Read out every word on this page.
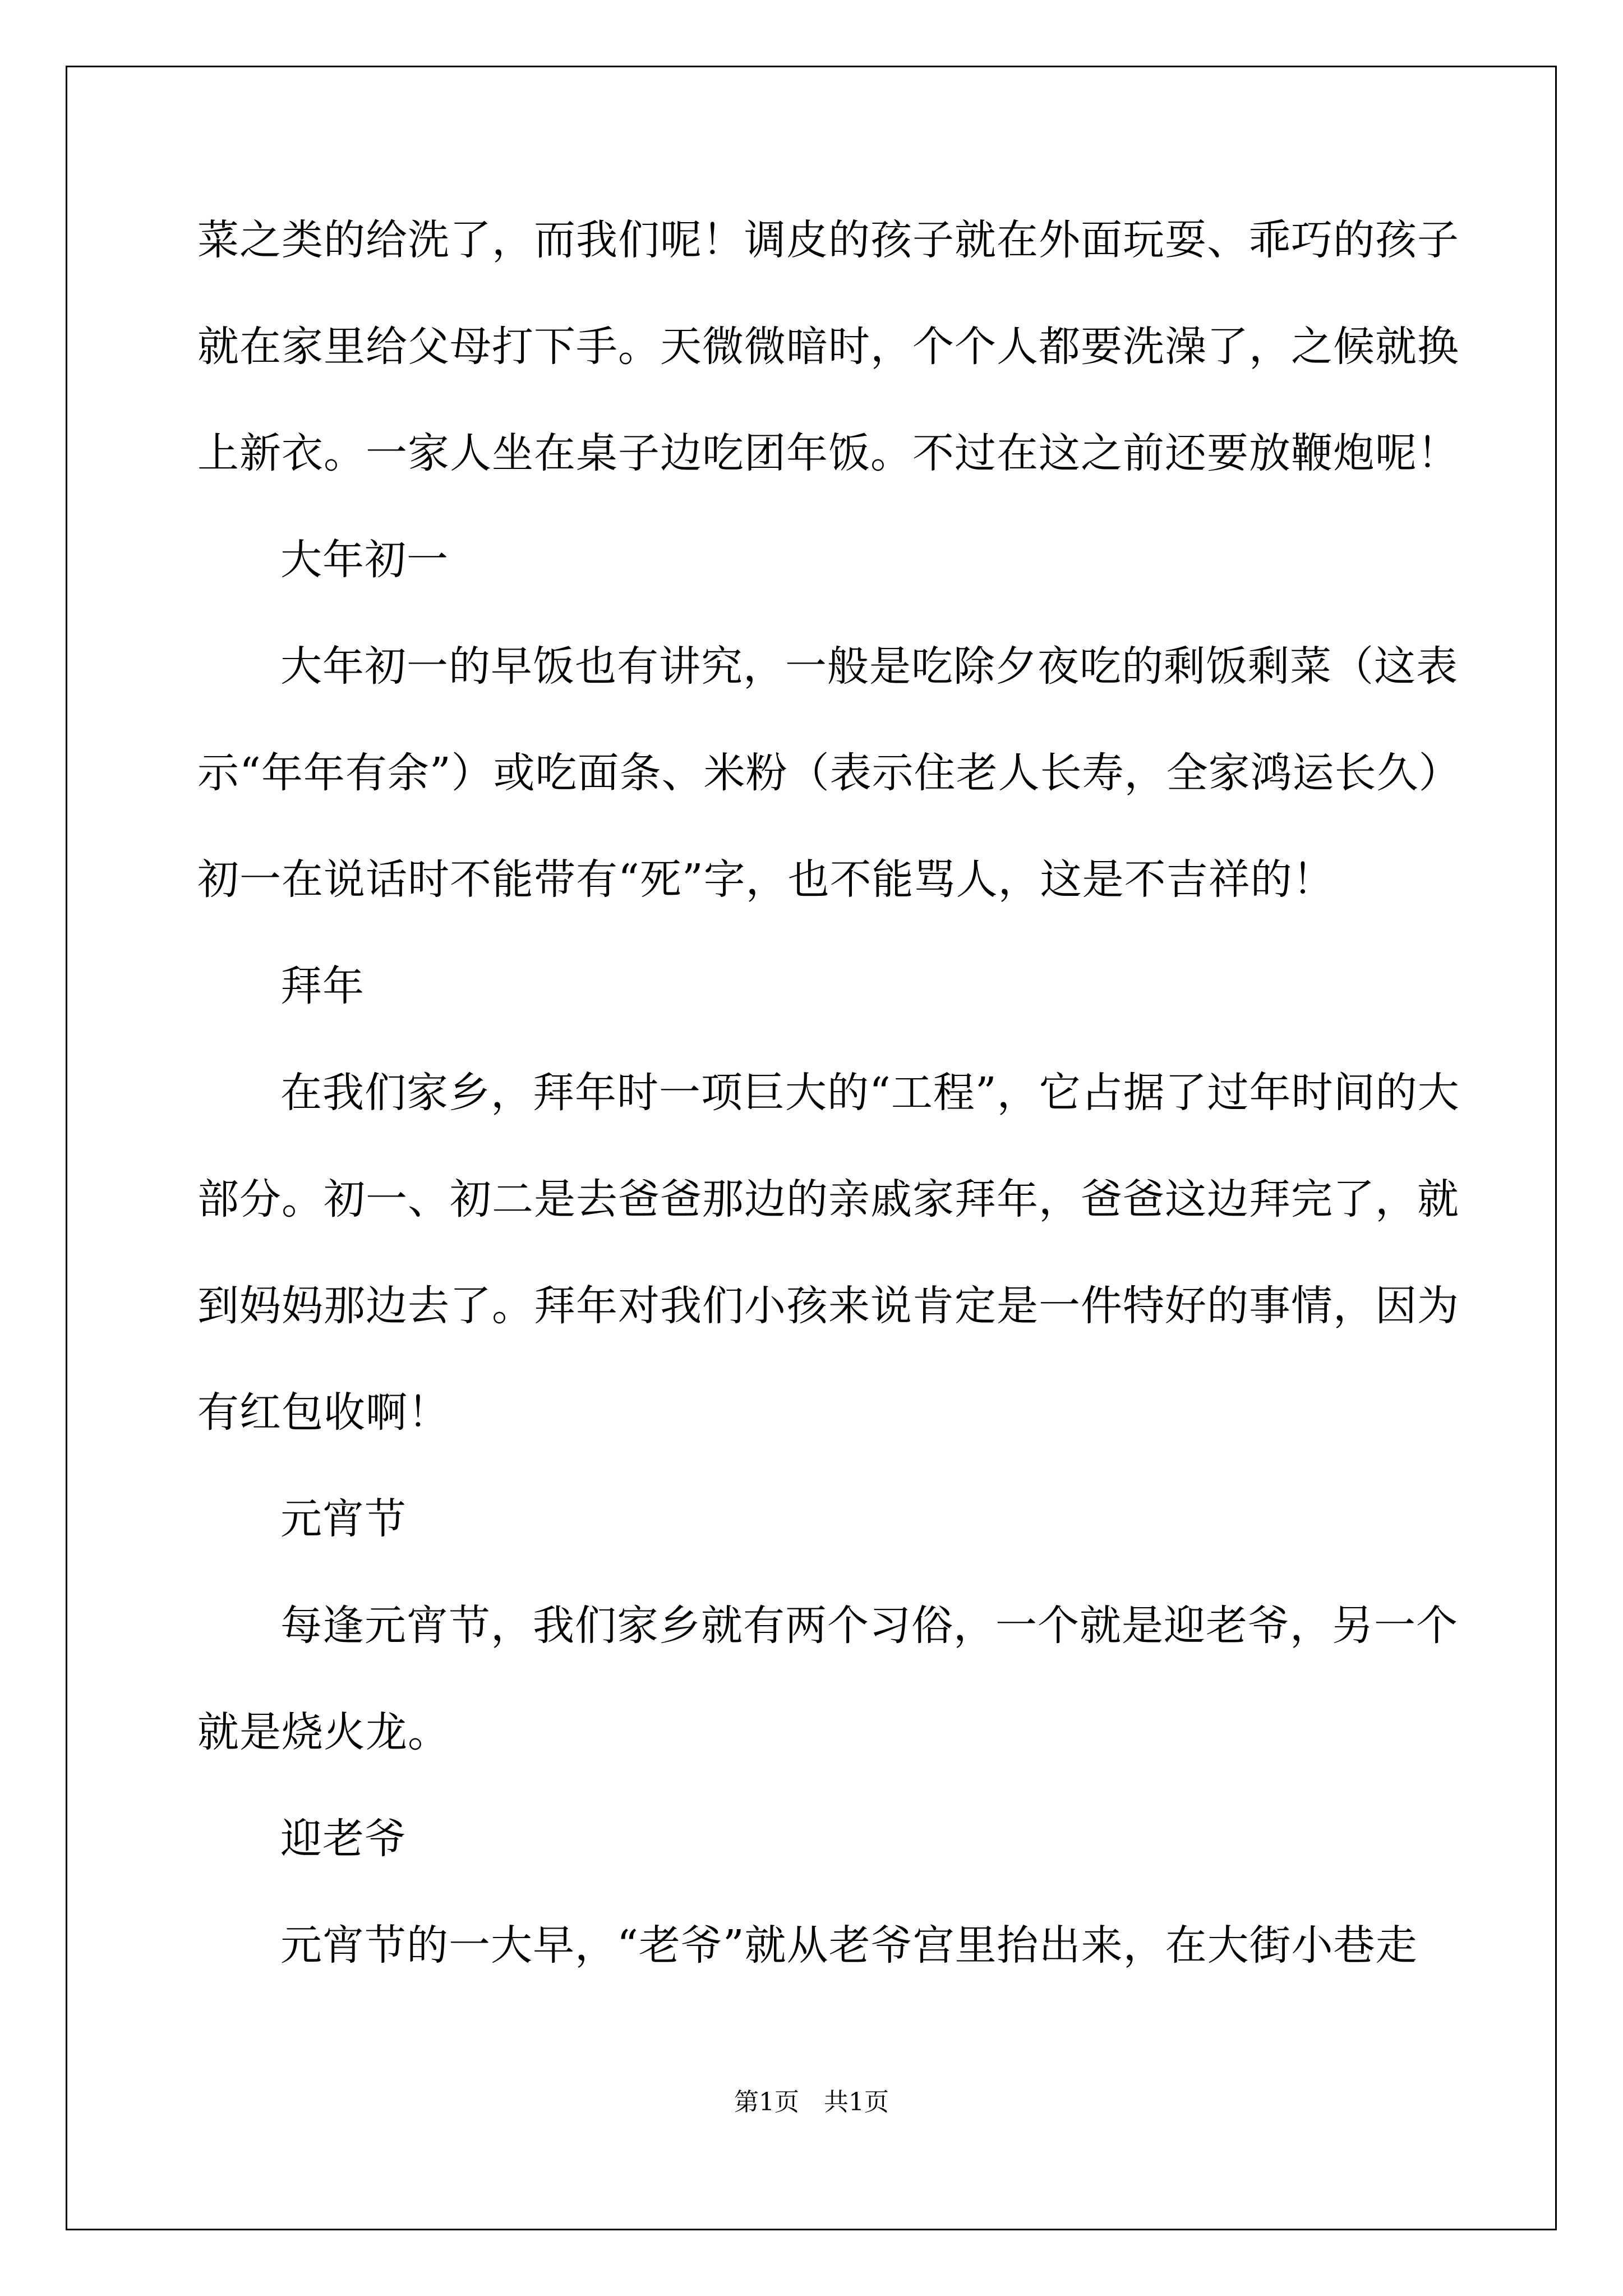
菜之类的给洗了，而我们呢！调皮的孩子就在外面玩耍、乖巧的孩子
就在家里给父母打下手。天微微暗时，个个人都要洗澡了，之候就换
上新衣。一家人坐在桌子边吃团年饭。不过在这之前还要放鞭炮呢！
大年初一
大年初一的早饭也有讲究，一般是吃除夕夜吃的剩饭剩菜（这表
示“年年有余”）或吃面条、米粉（表示住老人长寿，全家鸿运长久）
初一在说话时不能带有“死”字，也不能骂人，这是不吉祥的！
拜年
在我们家乡，拜年时一项巨大的“工程”，它占据了过年时间的大
部分。初一、初二是去爸爸那边的亲戚家拜年，爸爸这边拜完了，就
到妈妈那边去了。拜年对我们小孩来说肯定是一件特好的事情，因为
有红包收啊！
元宵节
每逢元宵节，我们家乡就有两个习俗，一个就是迎老爷，另一个
就是烧火龙。
迎老爷
元宵节的一大早，“老爷”就从老爷宫里抬出来，在大街小巷走
第1页　共1页
